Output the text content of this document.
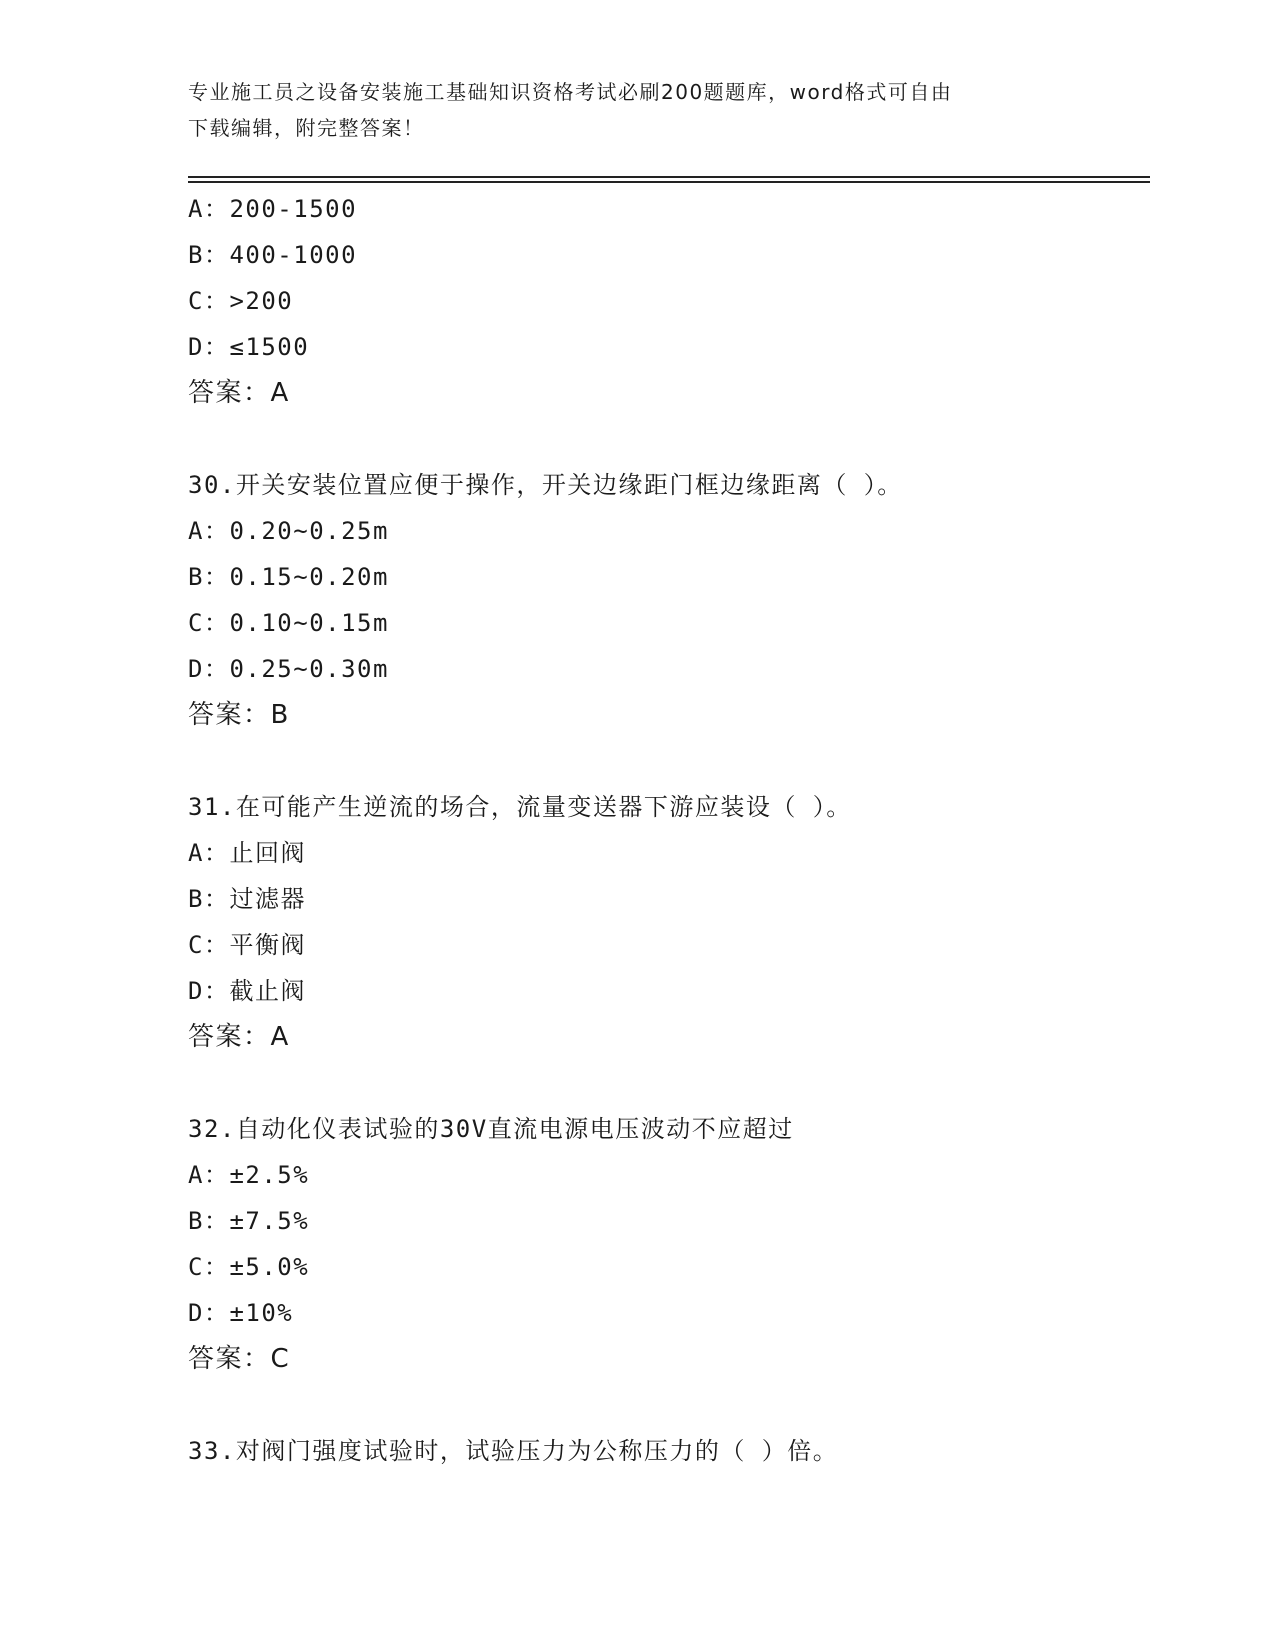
专业施工员之设备安装施工基础知识资格考试必刷200题题库，word格式可自由
下载编辑，附完整答案！
A：200-1500
B：400-1000
C：>200
D：≤1500
答案：A
30.开关安装位置应便于操作，开关边缘距门框边缘距离（ ）。
A：0.20~0.25m
B：0.15~0.20m
C：0.10~0.15m
D：0.25~0.30m
答案：B
31.在可能产生逆流的场合，流量变送器下游应装设（ ）。
A：止回阀
B：过滤器
C：平衡阀
D：截止阀
答案：A
32.自动化仪表试验的30V直流电源电压波动不应超过
A：±2.5%
B：±7.5%
C：±5.0%
D：±10%
答案：C
33.对阀门强度试验时，试验压力为公称压力的（ ）倍。
